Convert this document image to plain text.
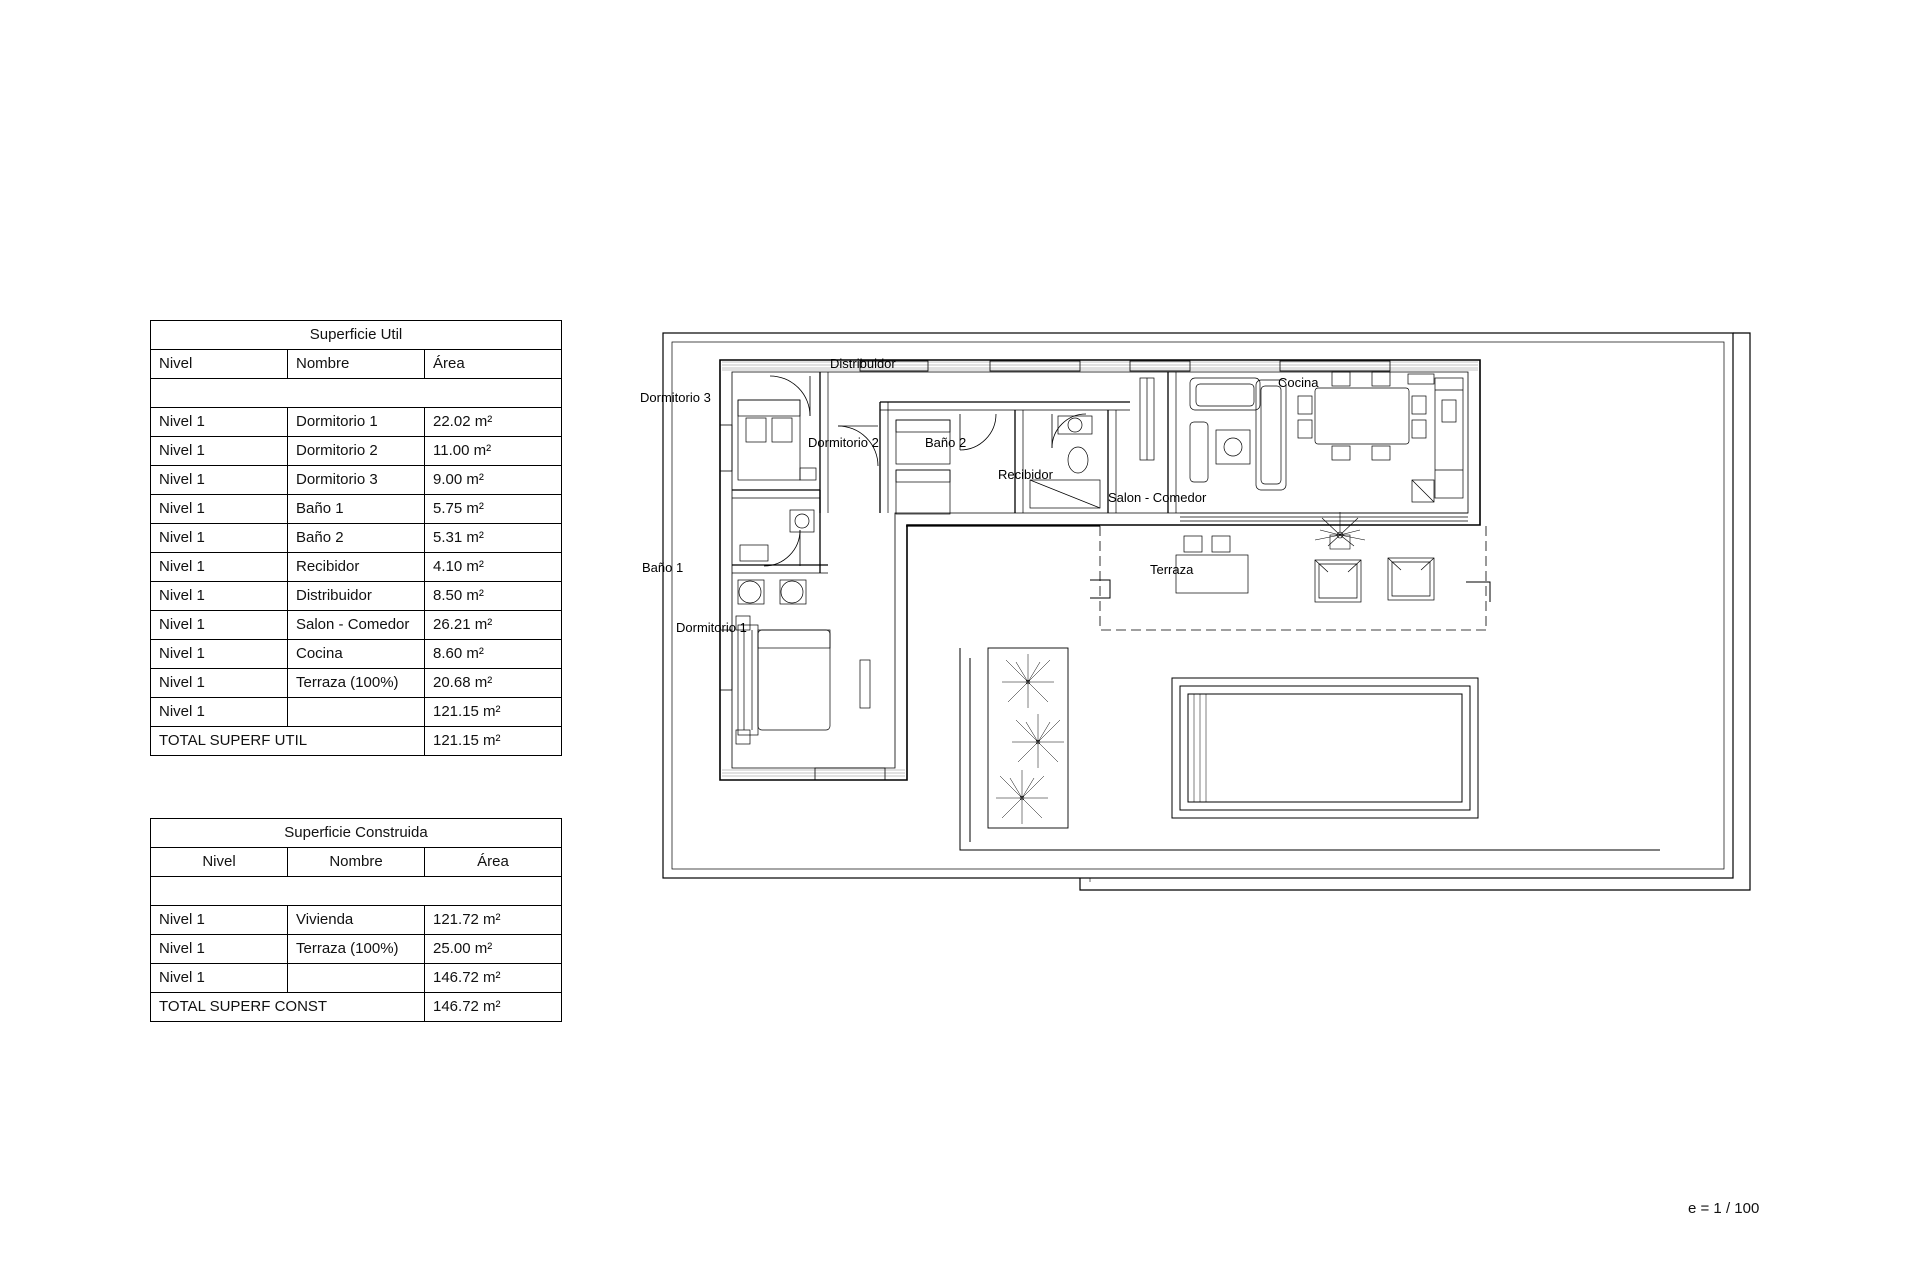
Superficie Util		
Nivel	Nombre	Área

Nivel 1	Dormitorio 1	22.02 m²
Nivel 1	Dormitorio 2	11.00 m²
Nivel 1	Dormitorio 3	9.00 m²
Nivel 1	Baño 1	5.75 m²
Nivel 1	Baño 2	5.31 m²
Nivel 1	Recibidor	4.10 m²
Nivel 1	Distribuidor	8.50 m²
Nivel 1	Salon - Comedor	26.21 m²
Nivel 1	Cocina	8.60 m²
Nivel 1	Terraza (100%)	20.68 m²
Nivel 1		121.15 m²
TOTAL SUPERF UTIL		121.15 m²
Superficie Construida		
Nivel	Nombre	Área

Nivel 1	Vivienda	121.72 m²
Nivel 1	Terraza (100%)	25.00 m²
Nivel 1		146.72 m²
TOTAL SUPERF CONST		146.72 m²
Dormitorio 3
Distribuidor
Dormitorio 2	Baño 2
Recibidor
Salon - Comedor
Cocina
Baño 1
Dormitorio 1
Terraza
e = 1 / 100
